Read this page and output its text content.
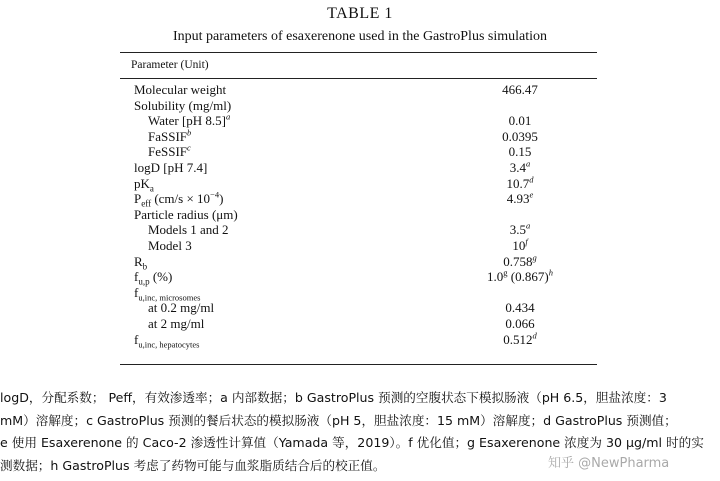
TABLE 1
Input parameters of esaxerenone used in the GastroPlus simulation
Parameter (Unit)
Molecular weight	466.47
Solubility (mg/ml)
Water [pH 8.5]$^a$	0.01
FaSSIF$^b$	0.0395
FeSSIF$^c$	0.15
logD [pH 7.4]	3.4$^a$
$pK_a$	10.7$^d$
$P_{eff}$ $(cm/s \times 10^{-4})$	4.93e
Particle radius (μm)
Models 1 and 2	3.5$^a$
Model 3	10$^f$
$R_b$	0.758$^g$
$f_{u,p}$ (%)	1.0$^g$ $(0.867)^h$
$f_{u,inc, microsomes}$
at 0.2 mg/ml	0.434
at 2 mg/ml	0.066
$f_{u,inc, hepatocytes}$	0.512$^d$

logD，分配系数； Peff，有效渗透率；a 内部数据；b GastroPlus 预测的空腹状态下模拟肠液（pH 6.5，胆盐浓度：3

mM）溶解度；c GastroPlus 预测的餐后状态的模拟肠液（pH 5，胆盐浓度：15 mM）溶解度；d GastroPlus 预测值；

e 使用 Esaxerenone 的 Caco-2 渗透性计算值（Yamada 等，2019）。f 优化值；g Esaxerenone 浓度为 30 μg/ml 时的实

测数据；h GastroPlus 考虑了药物可能与血浆脂质结合后的校正值。	知乎 @NewPharma
